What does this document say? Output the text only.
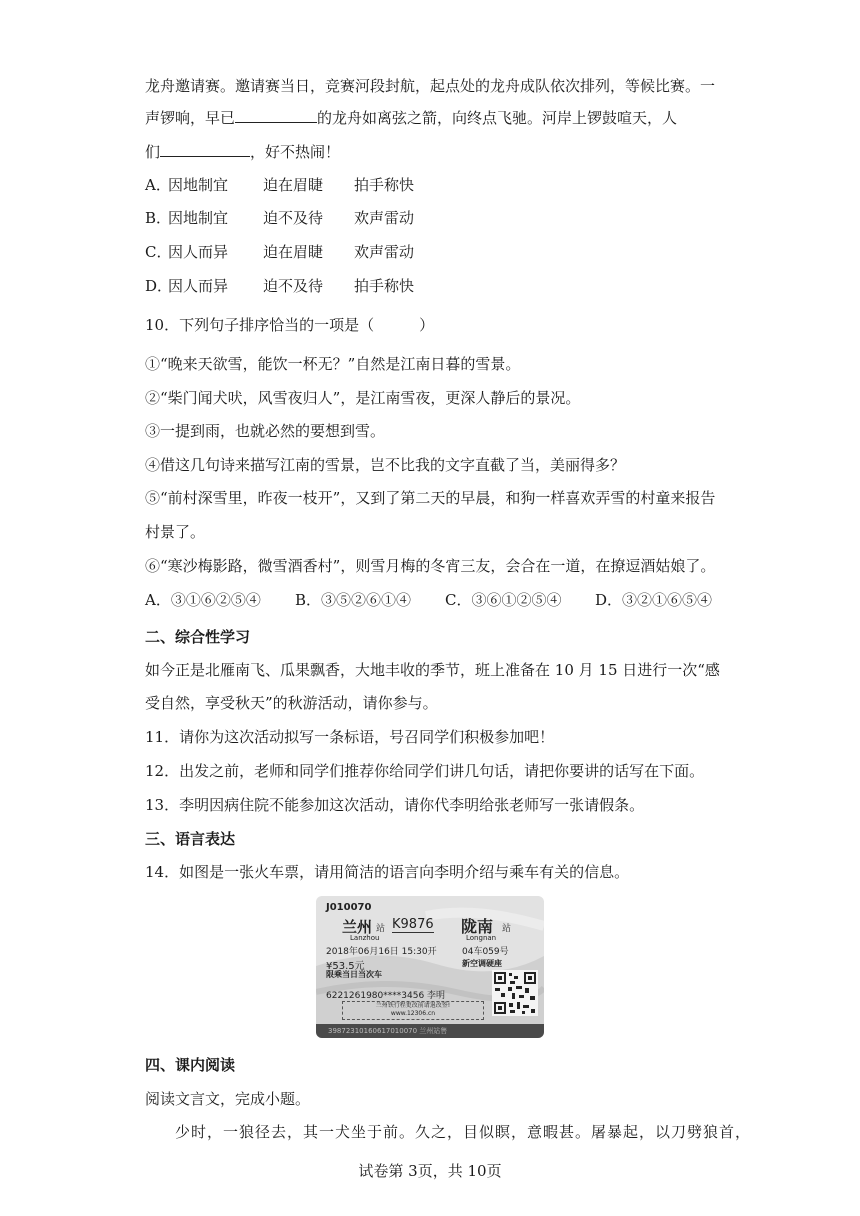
龙舟邀请赛。邀请赛当日，竞赛河段封航，起点处的龙舟成队依次排列，等候比赛。一
声锣响，早已	的龙舟如离弦之箭，向终点飞驰。河岸上锣鼓喧天，人
们	，好不热闹！
A．因地制宜 迫在眉睫 拍手称快
B．因地制宜 迫不及待 欢声雷动
C．因人而异 迫在眉睫 欢声雷动
D．因人而异 迫不及待 拍手称快
10．下列句子排序恰当的一项是（　　　）
①“晚来天欲雪，能饮一杯无？”自然是江南日暮的雪景。
②“柴门闻犬吠，风雪夜归人”，是江南雪夜，更深人静后的景况。
③一提到雨，也就必然的要想到雪。
④借这几句诗来描写江南的雪景，岂不比我的文字直截了当，美丽得多？
⑤“前村深雪里，昨夜一枝开”，又到了第二天的早晨，和狗一样喜欢弄雪的村童来报告
村景了。
⑥“寒沙梅影路，微雪酒香村”，则雪月梅的冬宵三友，会合在一道，在撩逗酒姑娘了。
A．③①⑥②⑤④ B．③⑤②⑥①④ C．③⑥①②⑤④ D．③②①⑥⑤④
二、综合性学习
如今正是北雁南飞、瓜果飘香，大地丰收的季节，班上准备在 10 月 15 日进行一次“感
受自然，享受秋天”的秋游活动，请你参与。
11．请你为这次活动拟写一条标语，号召同学们积极参加吧！
12．出发之前，老师和同学们推荐你给同学们讲几句话，请把你要讲的话写在下面。
13．李明因病住院不能参加这次活动，请你代李明给张老师写一张请假条。
三、语言表达
14．如图是一张火车票，请用简洁的语言向李明介绍与乘车有关的信息。
J010070
兰州 站 K9876 陇南 站
Lanzhou	Longnan
2018年06月16日 15:30开	04车059号
¥53.5元	新空调硬座
限乘当日当次车
6221261980****3456 李明
兰州铁行程更改前请退改签!
www.12306.cn
39872310160617010070 兰州站售
四、课内阅读
阅读文言文，完成小题。
少时，一狼径去，其一犬坐于前。久之，目似瞑，意暇甚。屠暴起，以刀劈狼首，
试卷第 3页，共 10页
